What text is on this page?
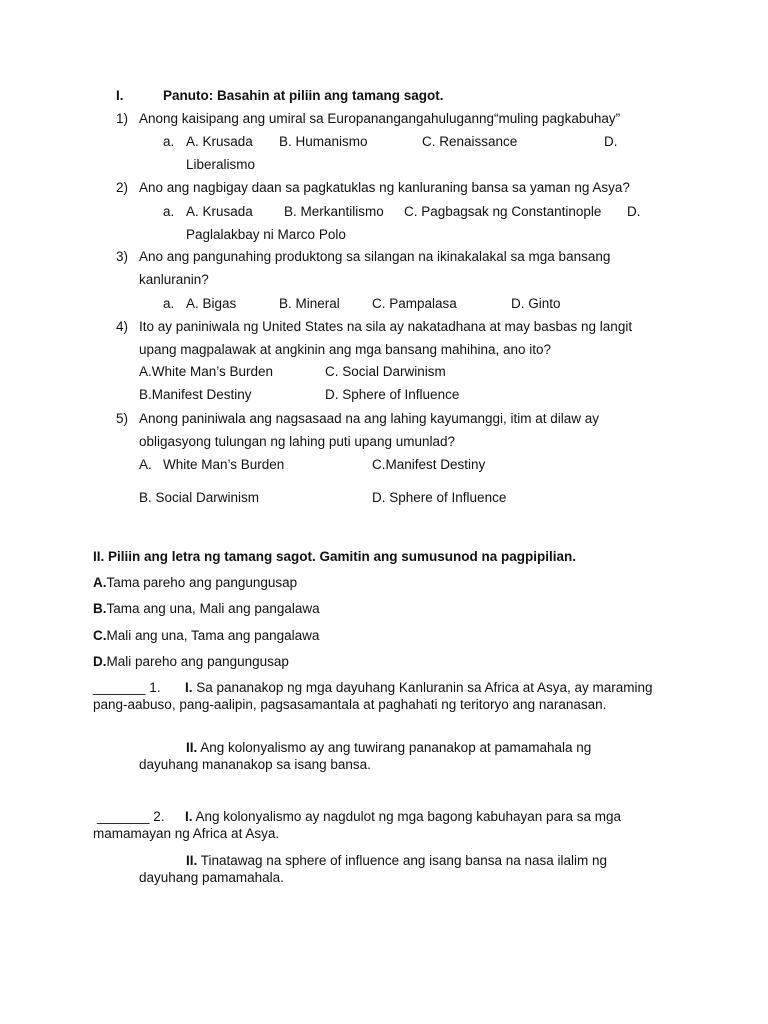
I.	Panuto: Basahin at piliin ang tamang sagot.
1) Anong kaisipang ang umiral sa Europanangangahuluganng“muling pagkabuhay”
a. A. Krusada B. Humanismo	C. Renaissance	D.
Liberalismo
2) Ano ang nagbigay daan sa pagkatuklas ng kanluraning bansa sa yaman ng Asya?
a. A. Krusada B. Merkantilismo C. Pagbagsak ng Constantinople D.
Paglalakbay ni Marco Polo
3) Ano ang pangunahing produktong sa silangan na ikinakalakal sa mga bansang
kanluranin?
a. A. Bigas	B. Mineral C. Pampalasa	D. Ginto
4) Ito ay paniniwala ng United States na sila ay nakatadhana at may basbas ng langit
upang magpalawak at angkinin ang mga bansang mahihina, ano ito?
A.White Man’s Burden	C. Social Darwinism
B.Manifest Destiny	D. Sphere of Influence
5) Anong paniniwala ang nagsasaad na ang lahing kayumanggi, itim at dilaw ay
obligasyong tulungan ng lahing puti upang umunlad?
A. White Man’s Burden	C.Manifest Destiny
B. Social Darwinism	D. Sphere of Influence
II. Piliin ang letra ng tamang sagot. Gamitin ang sumusunod na pagpipilian.
A.Tama pareho ang pangungusap
B.Tama ang una, Mali ang pangalawa
C.Mali ang una, Tama ang pangalawa
D.Mali pareho ang pangungusap
_______ 1.	I. Sa pananakop ng mga dayuhang Kanluranin sa Africa at Asya, ay maraming pang-aabuso, pang-aalipin, pagsasamantala at paghahati ng teritoryo ang naranasan.
II. Ang kolonyalismo ay ang tuwirang pananakop at pamamahala ng dayuhang mananakop sa isang bansa.
_______ 2.	I. Ang kolonyalismo ay nagdulot ng mga bagong kabuhayan para sa mga mamamayan ng Africa at Asya.
II. Tinatawag na sphere of influence ang isang bansa na nasa ilalim ng dayuhang pamamahala.
